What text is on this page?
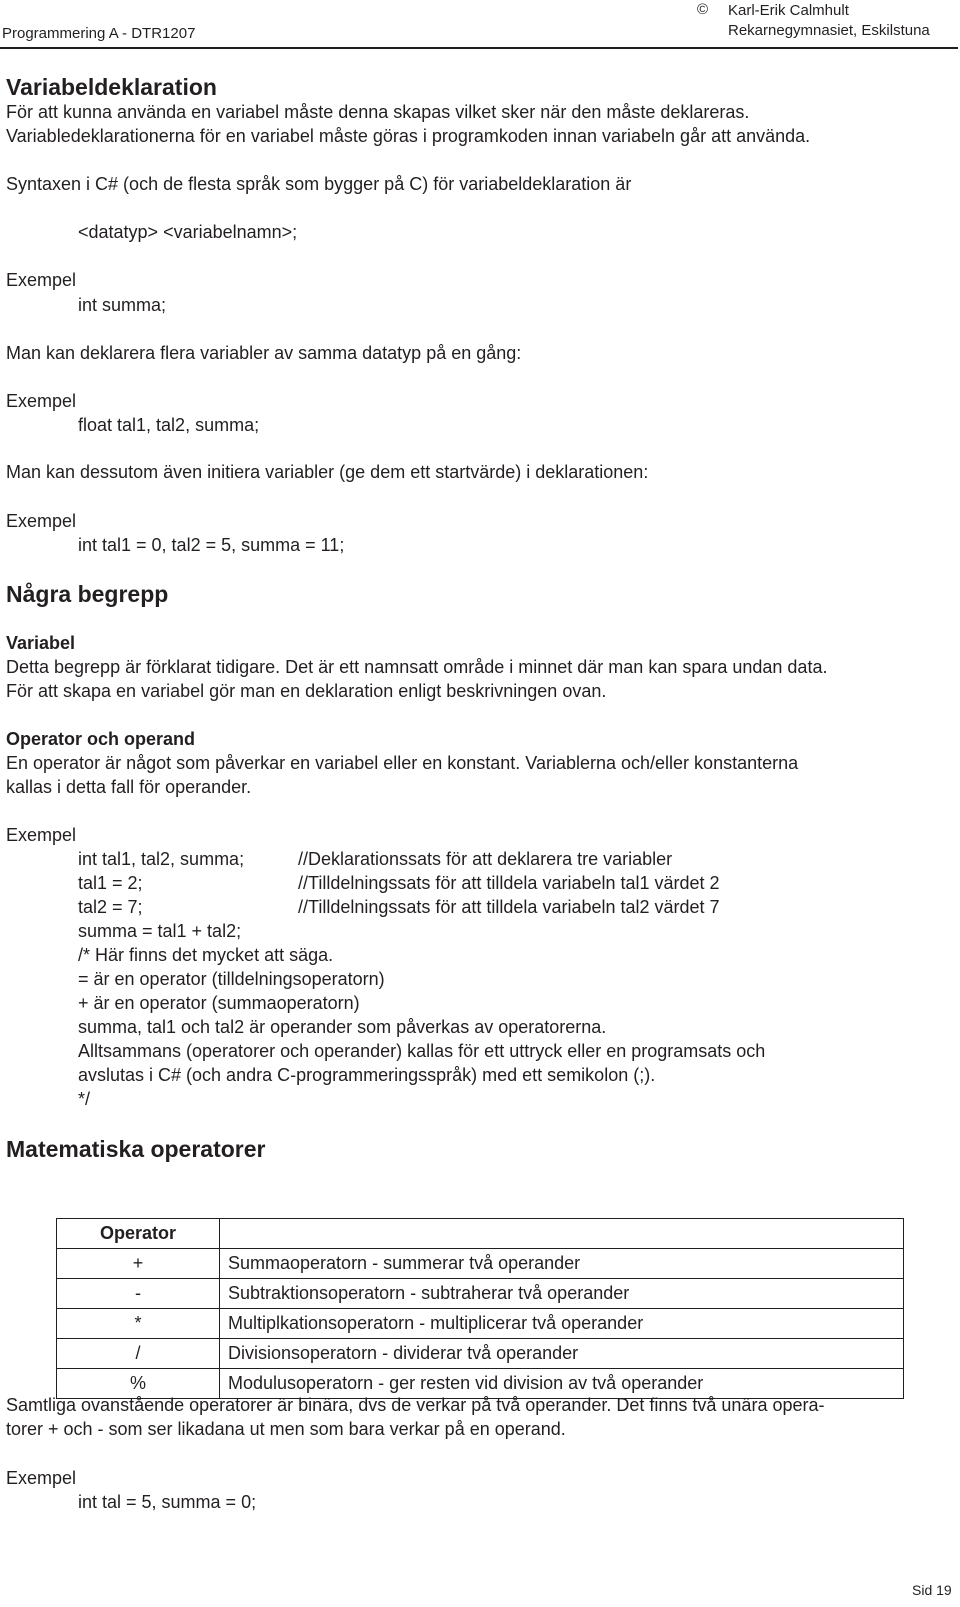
Programmering A - DTR1207
© Karl-Erik Calmhult
Rekarnegymnasiet, Eskilstuna
Variabeldeklaration
För att kunna använda en variabel måste denna skapas vilket sker när den måste deklareras.
Variabledeklarationerna för en variabel måste göras i programkoden innan variabeln går att använda.
Syntaxen i C# (och de flesta språk som bygger på C) för variabeldeklaration är
<datatyp> <variabelnamn>;
Exempel
int summa;
Man kan deklarera flera variabler av samma datatyp på en gång:
Exempel
float tal1, tal2, summa;
Man kan dessutom även initiera variabler (ge dem ett startvärde) i deklarationen:
Exempel
int tal1 = 0, tal2 = 5, summa = 11;
Några begrepp
Variabel
Detta begrepp är förklarat tidigare. Det är ett namnsatt område i minnet där man kan spara undan data.
För att skapa en variabel gör man en deklaration enligt beskrivningen ovan.
Operator och operand
En operator är något som påverkar en variabel eller en konstant. Variablerna och/eller konstanterna
kallas i detta fall för operander.
Exempel
int tal1, tal2, summa;	//Deklarationssats för att deklarera tre variabler
tal1 = 2;	//Tilldelningssats för att tilldela variabeln tal1 värdet 2
tal2 = 7;	//Tilldelningssats för att tilldela variabeln tal2 värdet 7
summa = tal1 + tal2;
/* Här finns det mycket att säga.
= är en operator (tilldelningsoperatorn)
+ är en operator (summaoperatorn)
summa, tal1 och tal2 är operander som påverkas av operatorerna.
Alltsammans (operatorer och operander) kallas för ett uttryck eller en programsats och
avslutas i C# (och andra C-programmeringsspråk) med ett semikolon (;).
*/
Matematiska operatorer
Operator	
+	Summaoperatorn - summerar två operander
-	Subtraktionsoperatorn - subtraherar två operander
*	Multiplkationsoperatorn - multiplicerar två operander
/	Divisionsoperatorn - dividerar två operander
%	Modulusoperatorn - ger resten vid division av två operander
Samtliga ovanstående operatorer är binära, dvs de verkar på två operander. Det finns två unära opera-
torer + och - som ser likadana ut men som bara verkar på en operand.
Exempel
int tal = 5, summa = 0;
Sid 19
